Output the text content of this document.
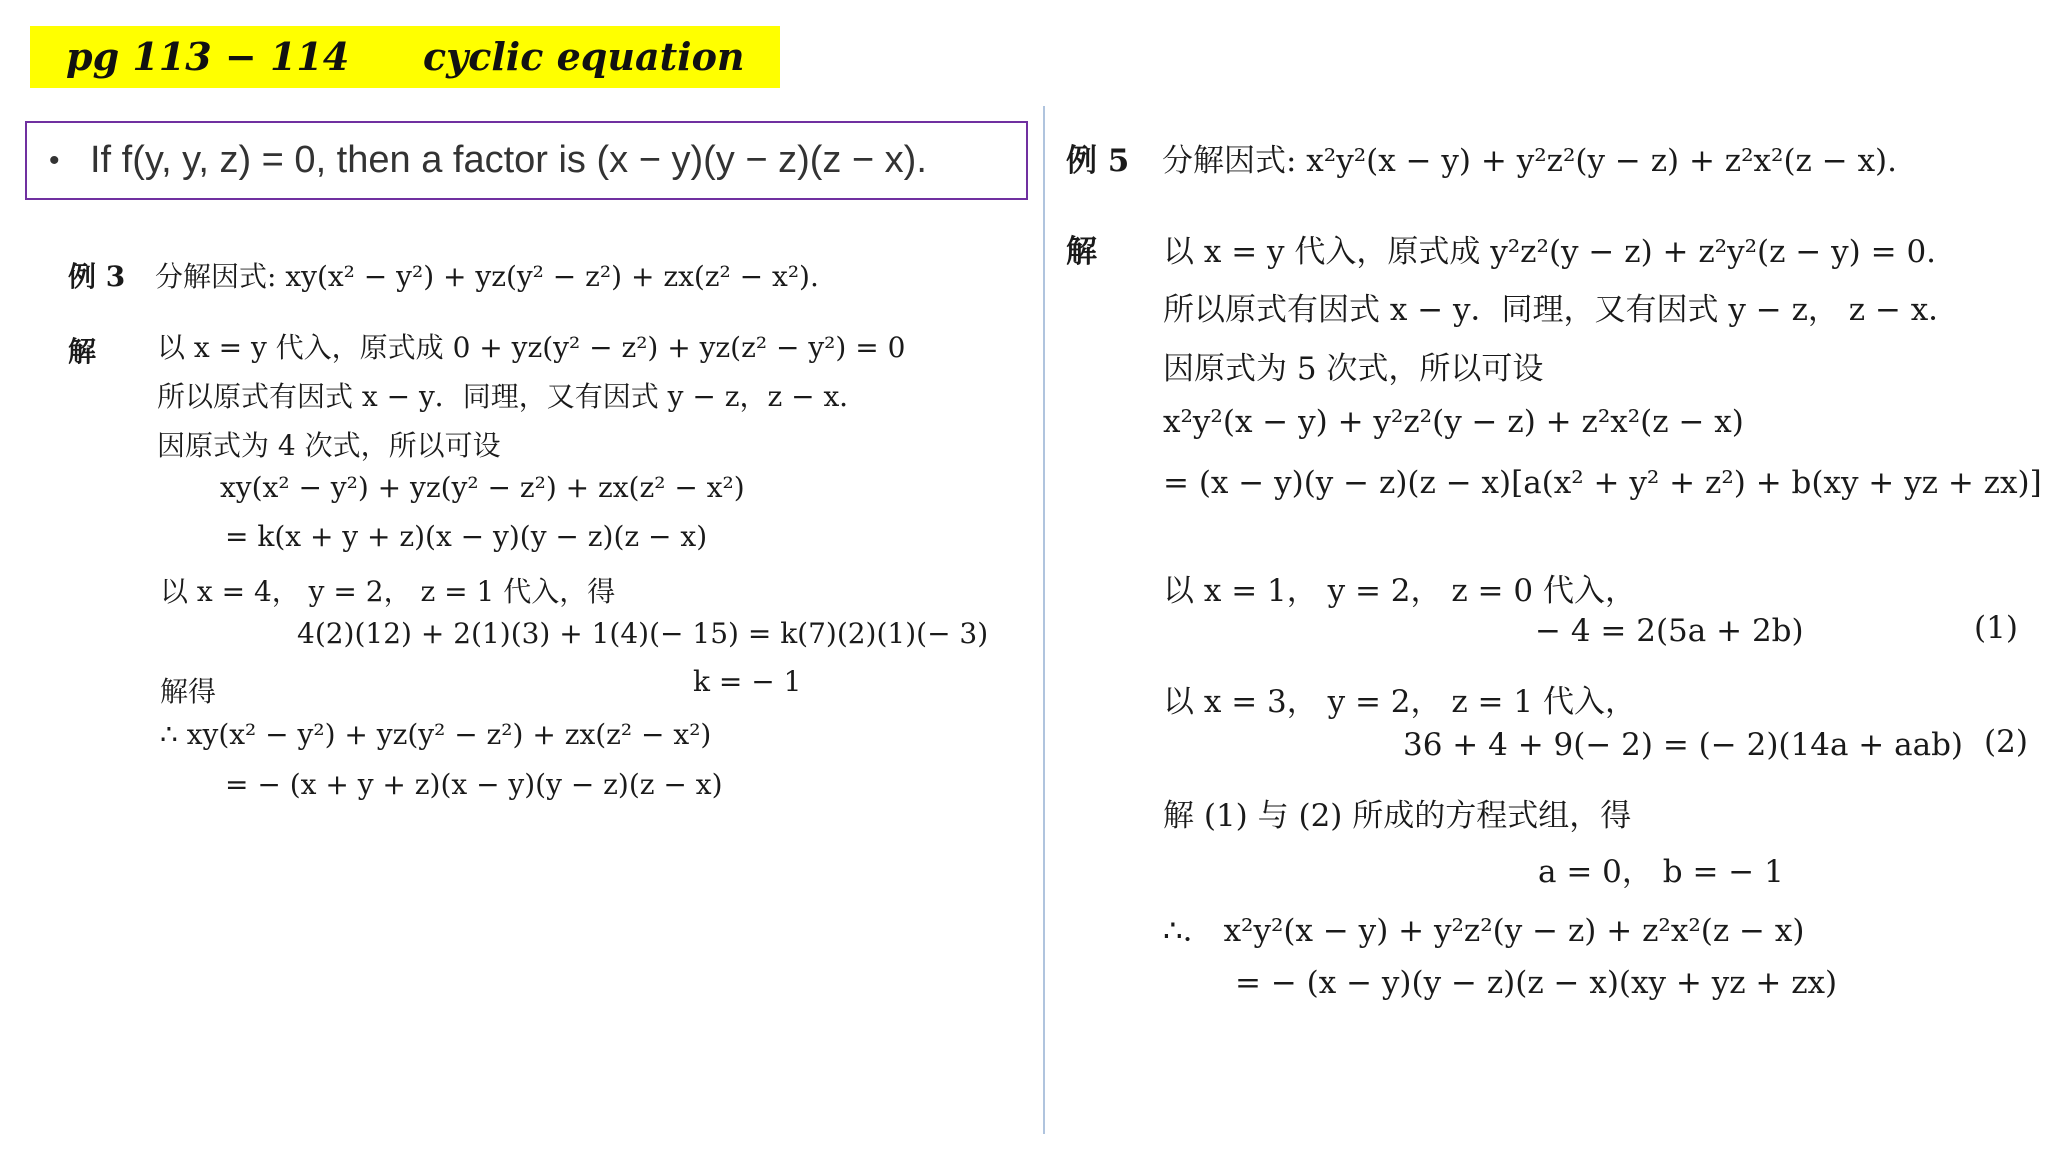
pg 113 − 114 cyclic equation
• If f(y, y, z) = 0, then a factor is (x − y)(y − z)(z − x).
例 3 分解因式: xy(x² − y²) + yz(y² − z²) + zx(z² − x²).
解 以 x = y 代入，原式成 0 + yz(y² − z²) + yz(z² − y²) = 0
所以原式有因式 x − y．同理，又有因式 y − z，z − x．
因原式为 4 次式，所以可设
xy(x² − y²) + yz(y² − z²) + zx(z² − x²)
= k(x + y + z)(x − y)(y − z)(z − x)
以 x = 4， y = 2， z = 1 代入，得
4(2)(12) + 2(1)(3) + 1(4)(− 15) = k(7)(2)(1)(− 3)
解得	k = − 1
∴ xy(x² − y²) + yz(y² − z²) + zx(z² − x²)
= − (x + y + z)(x − y)(y − z)(z − x)
例 5 分解因式: x²y²(x − y) + y²z²(y − z) + z²x²(z − x).
解 以 x = y 代入，原式成 y²z²(y − z) + z²y²(z − y) = 0.
所以原式有因式 x − y．同理，又有因式 y − z， z − x．
因原式为 5 次式，所以可设
x²y²(x − y) + y²z²(y − z) + z²x²(z − x)
= (x − y)(y − z)(z − x)[a(x² + y² + z²) + b(xy + yz + zx)]
以 x = 1， y = 2， z = 0 代入，
− 4 = 2(5a + 2b)	(1)
以 x = 3， y = 2， z = 1 代入，
36 + 4 + 9(− 2) = (− 2)(14a + aab) (2)
解 (1) 与 (2) 所成的方程式组，得
a = 0， b = − 1
∴． x²y²(x − y) + y²z²(y − z) + z²x²(z − x)
= − (x − y)(y − z)(z − x)(xy + yz + zx)
